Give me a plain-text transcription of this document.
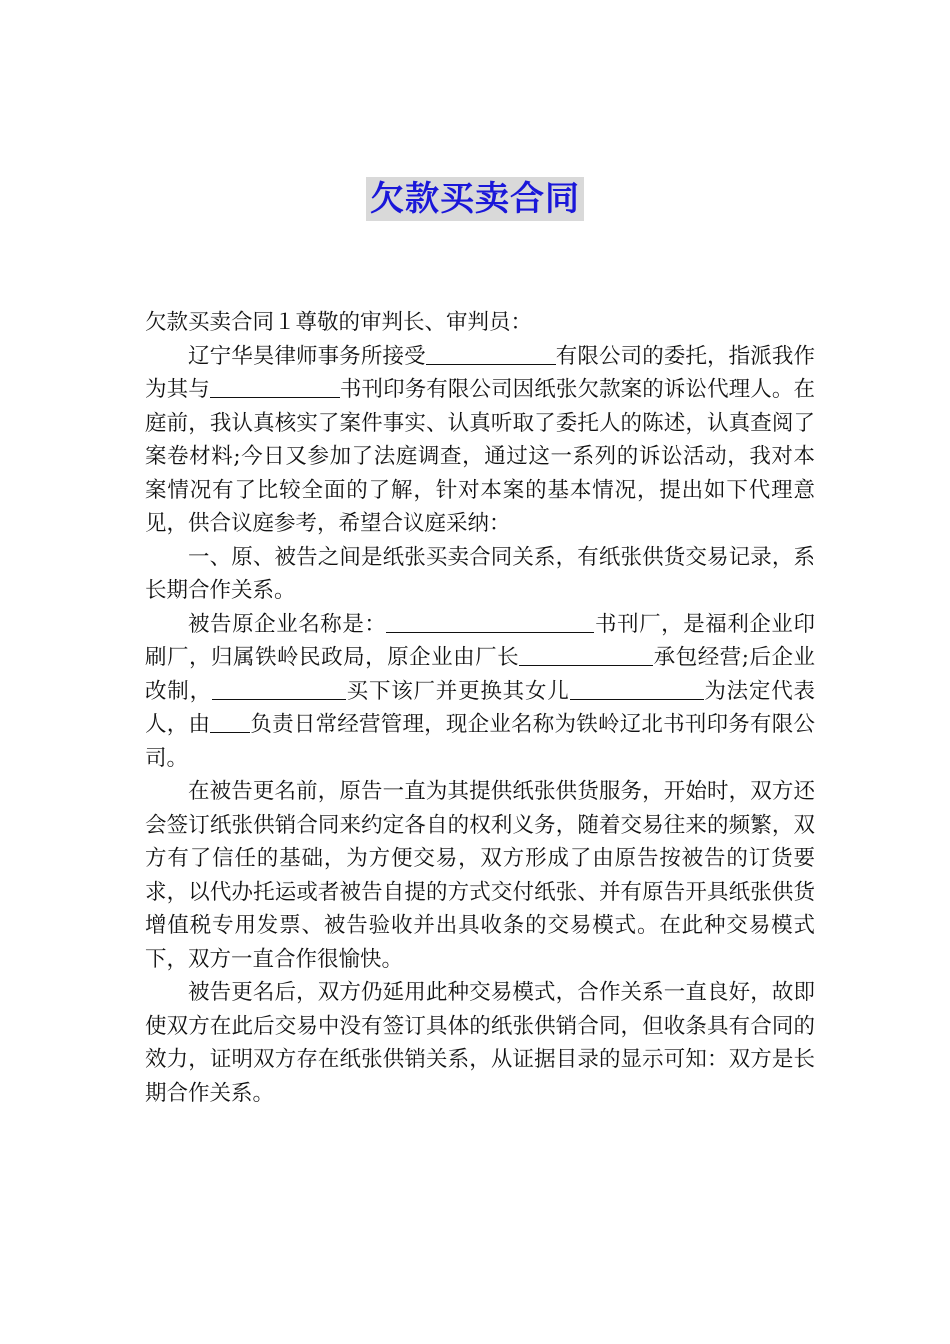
欠款买卖合同

欠款买卖合同１尊敬的审判长、审判员：

辽宁华昊律师事务所接受	有限公司的委托，指派我作为其与	书刊印务有限公司因纸张欠款案的诉讼代理人。在庭前，我认真核实了案件事实、认真听取了委托人的陈述，认真查阅了案卷材料;今日又参加了法庭调查，通过这一系列的诉讼活动，我对本案情况有了比较全面的了解，针对本案的基本情况，提出如下代理意见，供合议庭参考，希望合议庭采纳：

一、原、被告之间是纸张买卖合同关系，有纸张供货交易记录，系长期合作关系。

被告原企业名称是：	书刊厂，是福利企业印刷厂，归属铁岭民政局，原企业由厂长	承包经营;后企业改制，	买下该厂并更换其女儿	为法定代表人，由 负责日常经营管理，现企业名称为铁岭辽北书刊印务有限公司。

在被告更名前，原告一直为其提供纸张供货服务，开始时，双方还会签订纸张供销合同来约定各自的权利义务，随着交易往来的频繁，双方有了信任的基础，为方便交易，双方形成了由原告按被告的订货要求，以代办托运或者被告自提的方式交付纸张、并有原告开具纸张供货增值税专用发票、被告验收并出具收条的交易模式。在此种交易模式下，双方一直合作很愉快。

被告更名后，双方仍延用此种交易模式，合作关系一直良好，故即使双方在此后交易中没有签订具体的纸张供销合同，但收条具有合同的效力，证明双方存在纸张供销关系，从证据目录的显示可知：双方是长期合作关系。
